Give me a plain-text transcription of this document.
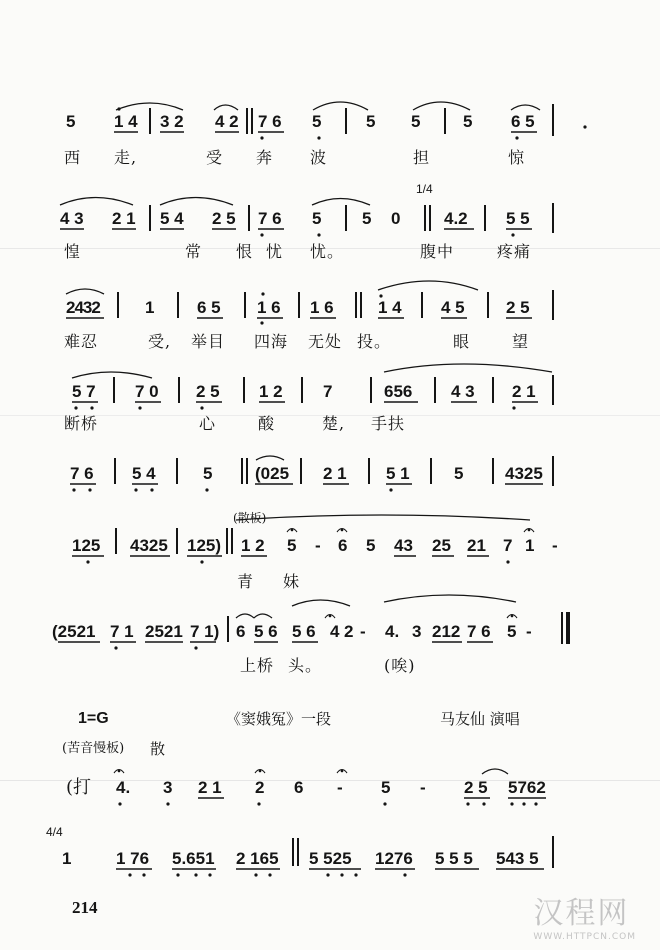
5 1 4 3 2 4 2 7 6 5	5 5	5 6 5
西 走,	受 奔 波	担	惊
1/4
4 3 2 1 5 4 2 5 7 6 5 5 0	4.2 5 5
惶	常 恨 忧 忧。	腹中	疼痛
2432	1	6 5 1 6 1 6	1 4 4 5 2 5
难忍	受, 举目 四海 无处 投。	眼	望
5 7 7 0 2 5 1 2 7	656 4 3 2 1
断桥	心	酸	楚, 手扶
7 6 5 4	5	(025 2 1 5 1	5 4325
(散板)
125 4325 125) 1 2 5 - 6 5 43 25 21 7 1 -
青 妹
(2521 7 1 2521 7 1) 6 5 6 5 6 4 2 - 4. 3 212 7 6 5 -
上桥 头。	(唉)
1=G	《窦娥冤》一段	马友仙 演唱
(苦音慢板) 散
(打 4. 3 2 1 2 6 - 5 - 2 5 5762
4/4
1	1 76 5.651 2 165 5 525 1276 5 5 5 543 5
214	汉程网
WWW.HTTPCN.COM
